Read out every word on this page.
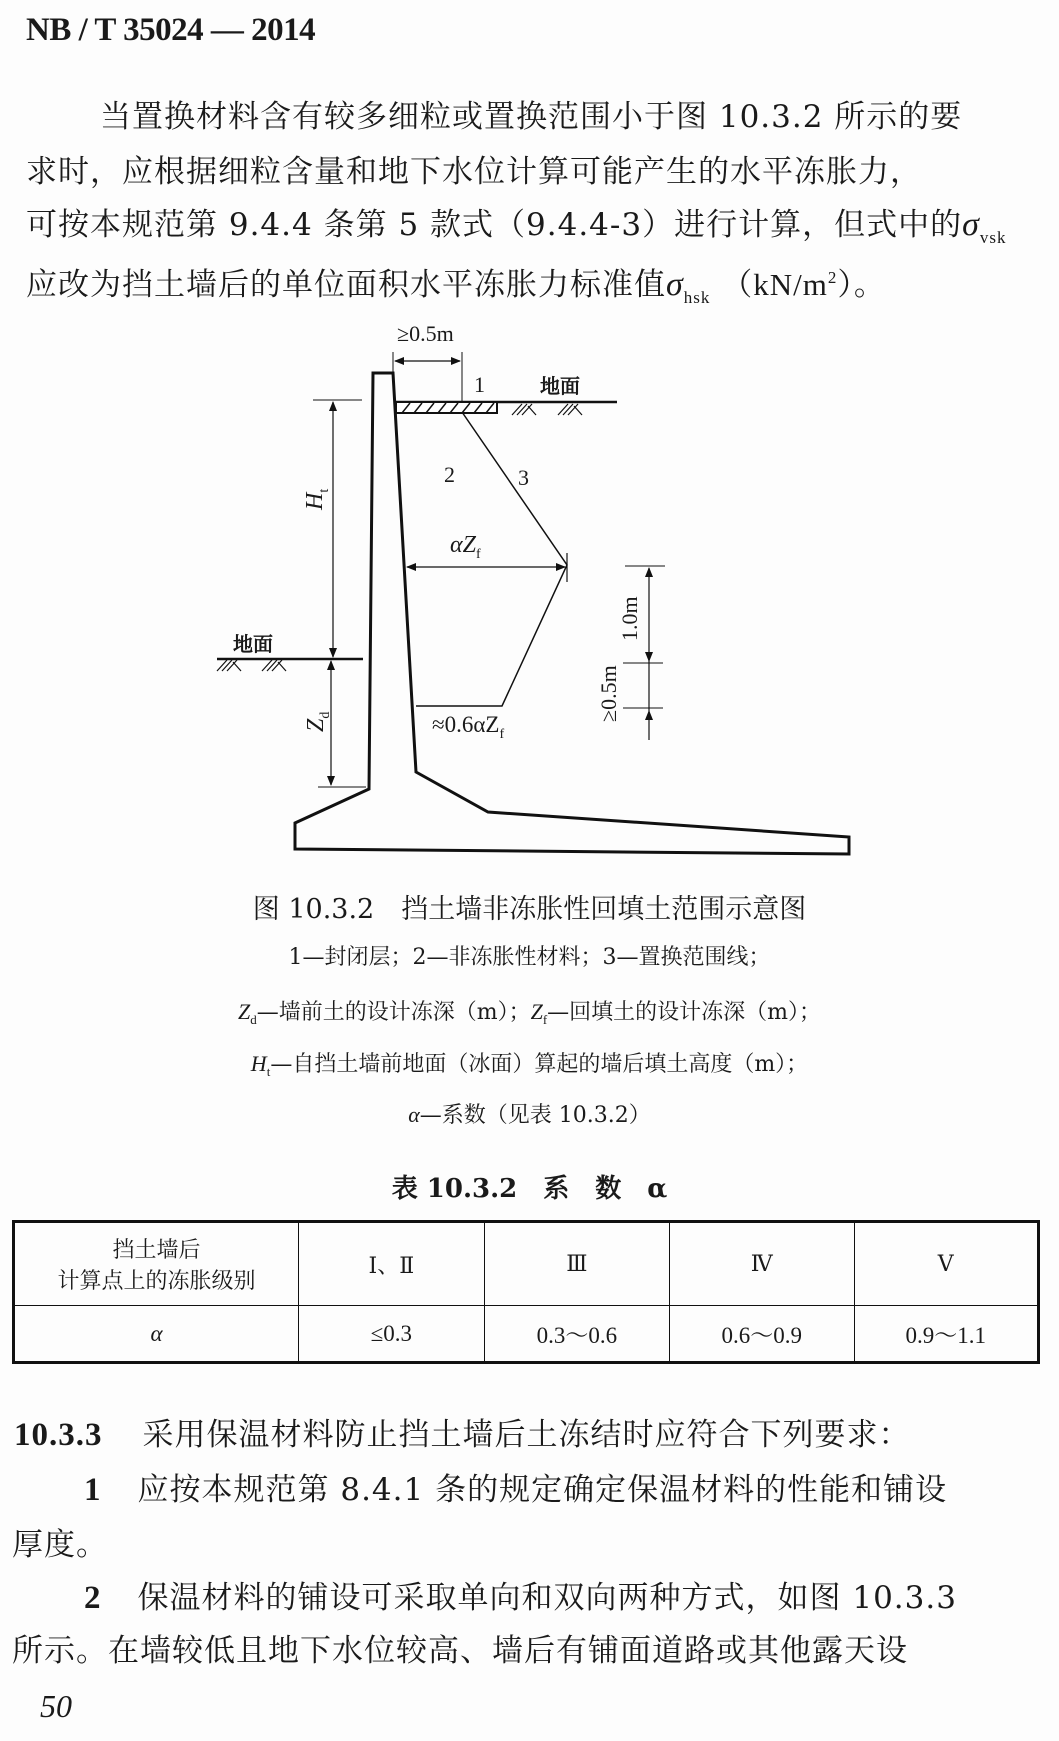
NB / T 35024 — 2014
当置换材料含有较多细粒或置换范围小于图 10.3.2 所示的要
求时，应根据细粒含量和地下水位计算可能产生的水平冻胀力，
可按本规范第 9.4.4 条第 5 款式（9.4.4-3）进行计算，但式中的$\sigma_{vsk}$
应改为挡土墙后的单位面积水平冻胀力标准值$\sigma_{hsk}$ $(kN/m^2)$。
≥0.5m
1	地面
2	3
$\alpha Z_f$
$H_t$
地面
$Z_d$	$\approx 0.6\alpha Z_f$
1.0m
≥0.5m
图 10.3.2　挡土墙非冻胀性回填土范围示意图
1—封闭层；2—非冻胀性材料；3—置换范围线；
$Z_d—$墙前土的设计冻深（m）；$Z_f—$回填土的设计冻深（m）；
$H_t—$自挡土墙前地面（冰面）算起的墙后填土高度（m）；
α—系数（见表 10.3.2）
表 10.3.2　系　数　α
挡土墙后
计算点上的冻胀级别	Ⅰ、Ⅱ	Ⅲ	Ⅳ	Ⅴ
α	≤0.3	0.3～0.6	0.6～0.9	0.9～1.1
10.3.3 采用保温材料防止挡土墙后土冻结时应符合下列要求：
1 应按本规范第 8.4.1 条的规定确定保温材料的性能和铺设
厚度。
2 保温材料的铺设可采取单向和双向两种方式，如图 10.3.3
所示。在墙较低且地下水位较高、墙后有铺面道路或其他露天设
50
